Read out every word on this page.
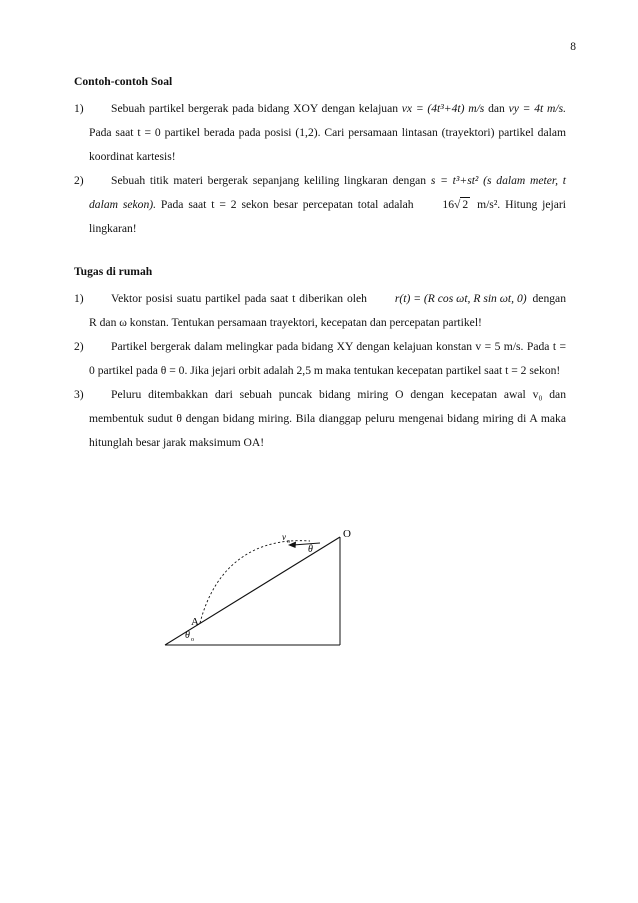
8
Contoh-contoh Soal

1)	Sebuah partikel bergerak pada bidang XOY dengan kelajuan vx = (4t³+4t) m/s dan vy = 4t m/s. Pada saat t = 0 partikel berada pada posisi (1,2). Cari persamaan lintasan (trayektori) partikel dalam koordinat kartesis!

2)	Sebuah titik materi bergerak sepanjang keliling lingkaran dengan s = t³+st² (s dalam meter, t dalam sekon). Pada saat t = 2 sekon besar percepatan total adalah 16√ 2 m/s². Hitung jejari lingkaran!

Tugas di rumah

1)	Vektor posisi suatu partikel pada saat t diberikan oleh r(t) = (R cos ωt, R sin ωt, 0) dengan R dan ω konstan. Tentukan persamaan trayektori, kecepatan dan percepatan partikel!

2)	Partikel bergerak dalam melingkar pada bidang XY dengan kelajuan konstan v = 5 m/s. Pada t = 0 partikel pada θ = 0. Jika jejari orbit adalah 2,5 m maka tentukan kecepatan partikel saat t = 2 sekon!

3)	Peluru ditembakkan dari sebuah puncak bidang miring O dengan kecepatan awal v₀ dan membentuk sudut θ dengan bidang miring. Bila dianggap peluru mengenai bidang miring di A maka hitunglah besar jarak maksimum OA!

O
v o
θ
A
θ o
